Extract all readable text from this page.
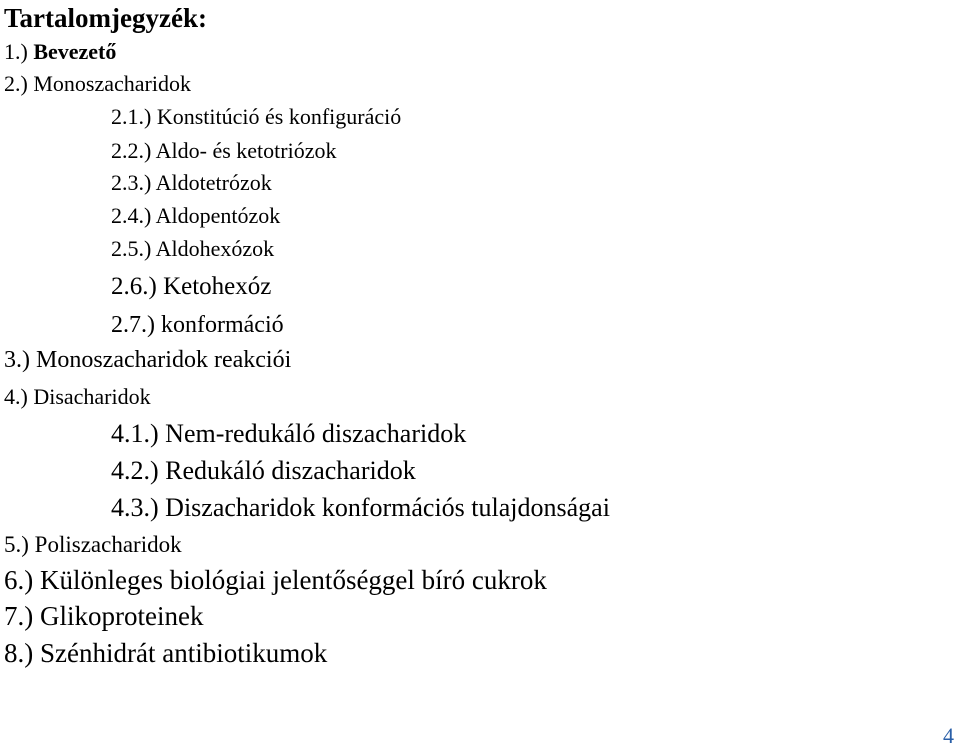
Tartalomjegyzék:
1.) Bevezető
2.) Monoszacharidok
2.1.) Konstitúció és konfiguráció
2.2.) Aldo- és ketotriózok
2.3.) Aldotetrózok
2.4.) Aldopentózok
2.5.) Aldohexózok
2.6.) Ketohexóz
2.7.) konformáció
3.) Monoszacharidok reakciói
4.) Disacharidok
4.1.) Nem-redukáló diszacharidok
4.2.) Redukáló diszacharidok
4.3.) Diszacharidok konformációs tulajdonságai
5.) Poliszacharidok
6.) Különleges biológiai jelentőséggel bíró cukrok
7.) Glikoproteinek
8.) Szénhidrát antibiotikumok
4
